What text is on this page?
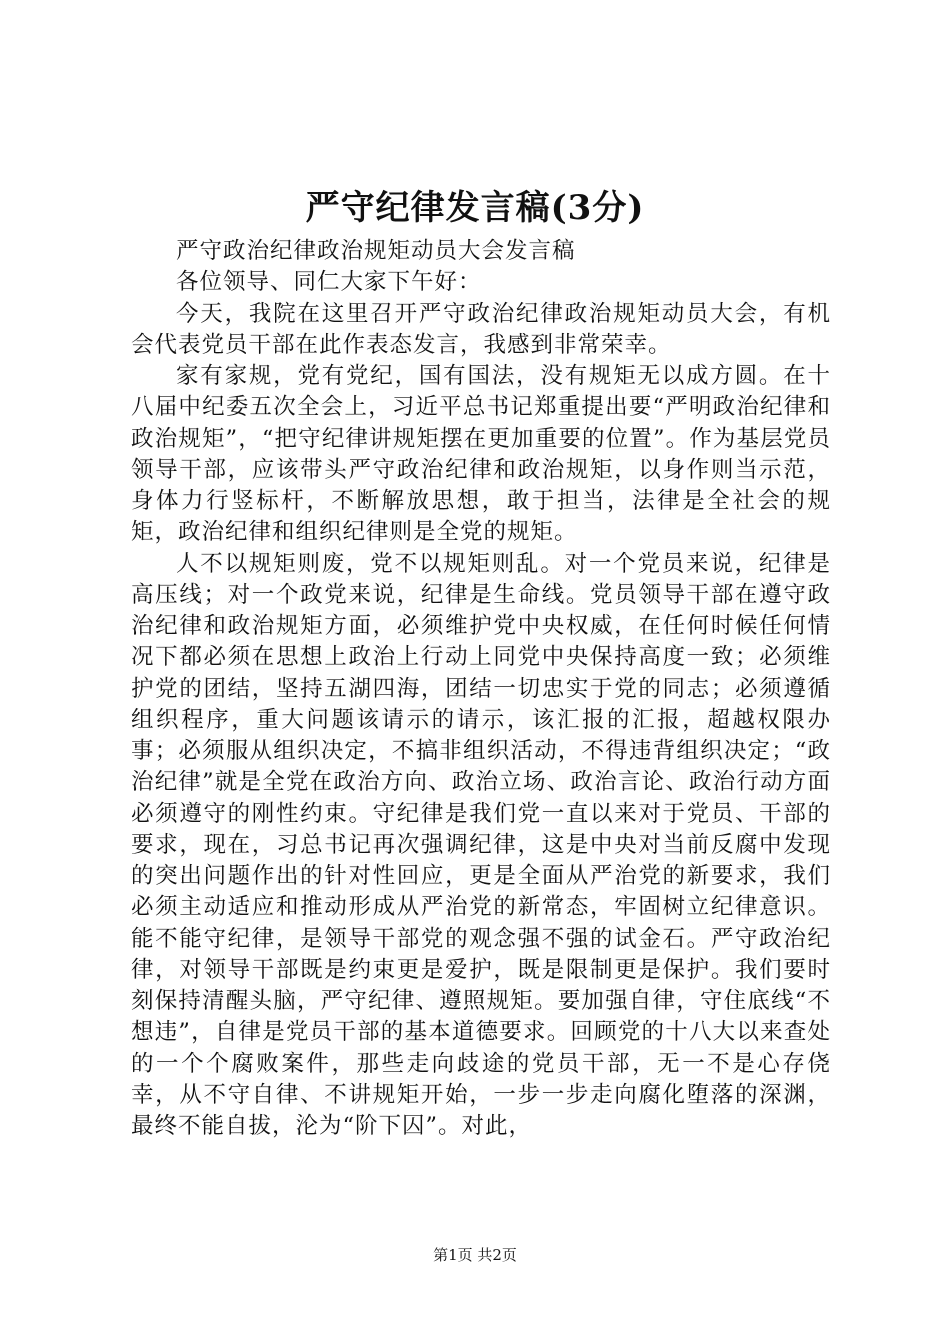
严守纪律发言稿(3分)

严守政治纪律政治规矩动员大会发言稿

各位领导、同仁大家下午好：

今天，我院在这里召开严守政治纪律政治规矩动员大会，有机会代表党员干部在此作表态发言，我感到非常荣幸。

家有家规，党有党纪，国有国法，没有规矩无以成方圆。在十八届中纪委五次全会上，习近平总书记郑重提出要“严明政治纪律和政治规矩”，“把守纪律讲规矩摆在更加重要的位置”。作为基层党员领导干部，应该带头严守政治纪律和政治规矩，以身作则当示范，身体力行竖标杆，不断解放思想，敢于担当，法律是全社会的规矩，政治纪律和组织纪律则是全党的规矩。

人不以规矩则废，党不以规矩则乱。对一个党员来说，纪律是高压线；对一个政党来说，纪律是生命线。党员领导干部在遵守政治纪律和政治规矩方面，必须维护党中央权威，在任何时候任何情况下都必须在思想上政治上行动上同党中央保持高度一致；必须维护党的团结，坚持五湖四海，团结一切忠实于党的同志；必须遵循组织程序，重大问题该请示的请示，该汇报的汇报，超越权限办事；必须服从组织决定，不搞非组织活动，不得违背组织决定；“政治纪律”就是全党在政治方向、政治立场、政治言论、政治行动方面必须遵守的刚性约束。守纪律是我们党一直以来对于党员、干部的要求，现在，习总书记再次强调纪律，这是中央对当前反腐中发现的突出问题作出的针对性回应，更是全面从严治党的新要求，我们必须主动适应和推动形成从严治党的新常态，牢固树立纪律意识。能不能守纪律，是领导干部党的观念强不强的试金石。严守政治纪律，对领导干部既是约束更是爱护，既是限制更是保护。我们要时刻保持清醒头脑，严守纪律、遵照规矩。要加强自律，守住底线“不想违”，自律是党员干部的基本道德要求。回顾党的十八大以来查处的一个个腐败案件，那些走向歧途的党员干部，无一不是心存侥幸，从不守自律、不讲规矩开始，一步一步走向腐化堕落的深渊，最终不能自拔，沦为“阶下囚”。对此，

第1页 共2页
